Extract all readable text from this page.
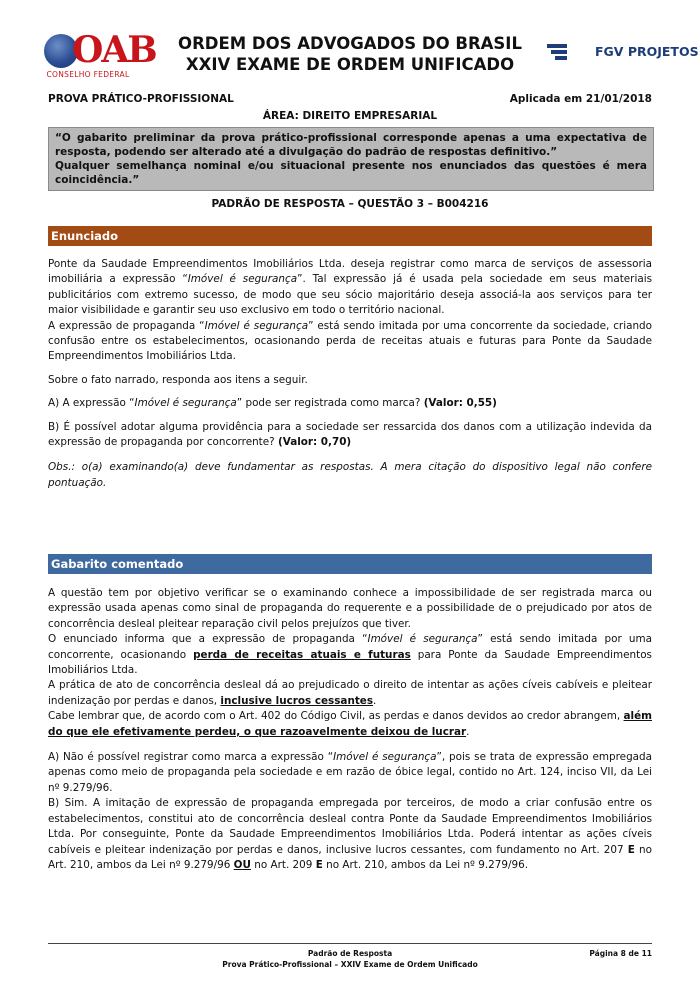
OAB
CONSELHO FEDERAL
ORDEM DOS ADVOGADOS DO BRASIL
XXIV EXAME DE ORDEM UNIFICADO
FGV PROJETOS
PROVA PRÁTICO-PROFISSIONAL	Aplicada em 21/01/2018
ÁREA: DIREITO EMPRESARIAL

“O gabarito preliminar da prova prático-profissional corresponde apenas a uma expectativa de resposta, podendo ser alterado até a divulgação do padrão de respostas definitivo.”

Qualquer semelhança nominal e/ou situacional presente nos enunciados das questões é mera coincidência.”

PADRÃO DE RESPOSTA – QUESTÃO 3 – B004216
Enunciado

Ponte da Saudade Empreendimentos Imobiliários Ltda. deseja registrar como marca de serviços de assessoria imobiliária a expressão “Imóvel é segurança”. Tal expressão já é usada pela sociedade em seus materiais publicitários com extremo sucesso, de modo que seu sócio majoritário deseja associá-la aos serviços para ter maior visibilidade e garantir seu uso exclusivo em todo o território nacional.

A expressão de propaganda “Imóvel é segurança” está sendo imitada por uma concorrente da sociedade, criando confusão entre os estabelecimentos, ocasionando perda de receitas atuais e futuras para Ponte da Saudade Empreendimentos Imobiliários Ltda.

Sobre o fato narrado, responda aos itens a seguir.

A) A expressão “Imóvel é segurança” pode ser registrada como marca? (Valor: 0,55)

B) É possível adotar alguma providência para a sociedade ser ressarcida dos danos com a utilização indevida da expressão de propaganda por concorrente? (Valor: 0,70)

Obs.: o(a) examinando(a) deve fundamentar as respostas. A mera citação do dispositivo legal não confere pontuação.

Gabarito comentado

A questão tem por objetivo verificar se o examinando conhece a impossibilidade de ser registrada marca ou expressão usada apenas como sinal de propaganda do requerente e a possibilidade de o prejudicado por atos de concorrência desleal pleitear reparação civil pelos prejuízos que tiver.

O enunciado informa que a expressão de propaganda “Imóvel é segurança” está sendo imitada por uma concorrente, ocasionando perda de receitas atuais e futuras para Ponte da Saudade Empreendimentos Imobiliários Ltda.

A prática de ato de concorrência desleal dá ao prejudicado o direito de intentar as ações cíveis cabíveis e pleitear indenização por perdas e danos, inclusive lucros cessantes.

Cabe lembrar que, de acordo com o Art. 402 do Código Civil, as perdas e danos devidos ao credor abrangem, além do que ele efetivamente perdeu, o que razoavelmente deixou de lucrar.

A) Não é possível registrar como marca a expressão “Imóvel é segurança”, pois se trata de expressão empregada apenas como meio de propaganda pela sociedade e em razão de óbice legal, contido no Art. 124, inciso VII, da Lei nº 9.279/96.

B) Sim. A imitação de expressão de propaganda empregada por terceiros, de modo a criar confusão entre os estabelecimentos, constitui ato de concorrência desleal contra Ponte da Saudade Empreendimentos Imobiliários Ltda. Por conseguinte, Ponte da Saudade Empreendimentos Imobiliários Ltda. Poderá intentar as ações cíveis cabíveis e pleitear indenização por perdas e danos, inclusive lucros cessantes, com fundamento no Art. 207 E no Art. 210, ambos da Lei nº 9.279/96 OU no Art. 209 E no Art. 210, ambos da Lei nº 9.279/96.

Padrão de Resposta
Prova Prático-Profissional – XXIV Exame de Ordem Unificado
Página 8 de 11
